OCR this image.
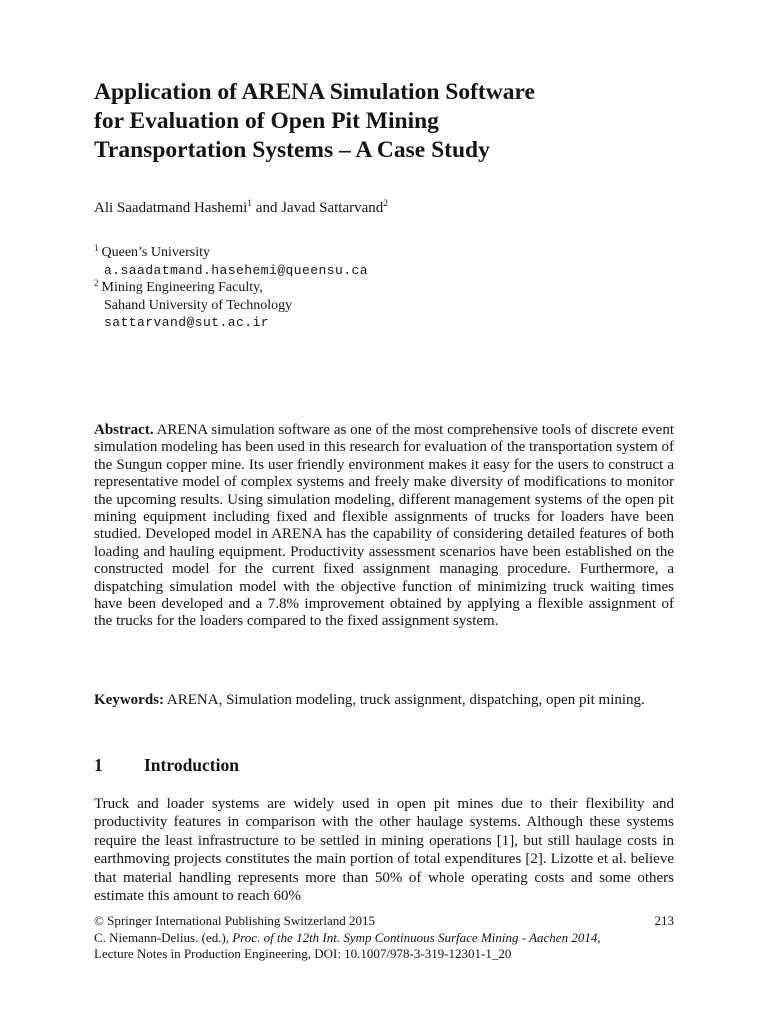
Application of ARENA Simulation Software
for Evaluation of Open Pit Mining
Transportation Systems – A Case Study
Ali Saadatmand Hashemi$^1$ and Javad Sattarvand$^2$
$^1$ Queen’s University
a.saadatmand.hasehemi@queensu.ca
$^2$ Mining Engineering Faculty,
Sahand University of Technology
sattarvand@sut.ac.ir

Abstract. ARENA simulation software as one of the most comprehensive tools of discrete event simulation modeling has been used in this research for evaluation of the transportation system of the Sungun copper mine. Its user friendly environment makes it easy for the users to construct a representative model of complex systems and freely make diversity of modifications to monitor the upcoming results. Using simulation modeling, different management systems of the open pit mining equipment including fixed and flexible assignments of trucks for loaders have been studied. Developed model in ARENA has the capability of considering detailed features of both loading and hauling equipment. Productivity assessment scenarios have been established on the constructed model for the current fixed assignment managing procedure. Furthermore, a dispatching simulation model with the objective function of minimizing truck waiting times have been developed and a 7.8% improvement obtained by applying a flexible assignment of the trucks for the loaders compared to the fixed assignment system.

Keywords: ARENA, Simulation modeling, truck assignment, dispatching, open pit mining.

1 Introduction

Truck and loader systems are widely used in open pit mines due to their flexibility and productivity features in comparison with the other haulage systems. Although these systems require the least infrastructure to be settled in mining operations [1], but still haulage costs in earthmoving projects constitutes the main portion of total expenditures [2]. Lizotte et al. believe that material handling represents more than 50% of whole operating costs and some others estimate this amount to reach 60%

© Springer International Publishing Switzerland 2015	213
C. Niemann-Delius. (ed.), Proc. of the 12th Int. Symp Continuous Surface Mining - Aachen 2014,
Lecture Notes in Production Engineering, DOI: 10.1007/978-3-319-12301-1_20
